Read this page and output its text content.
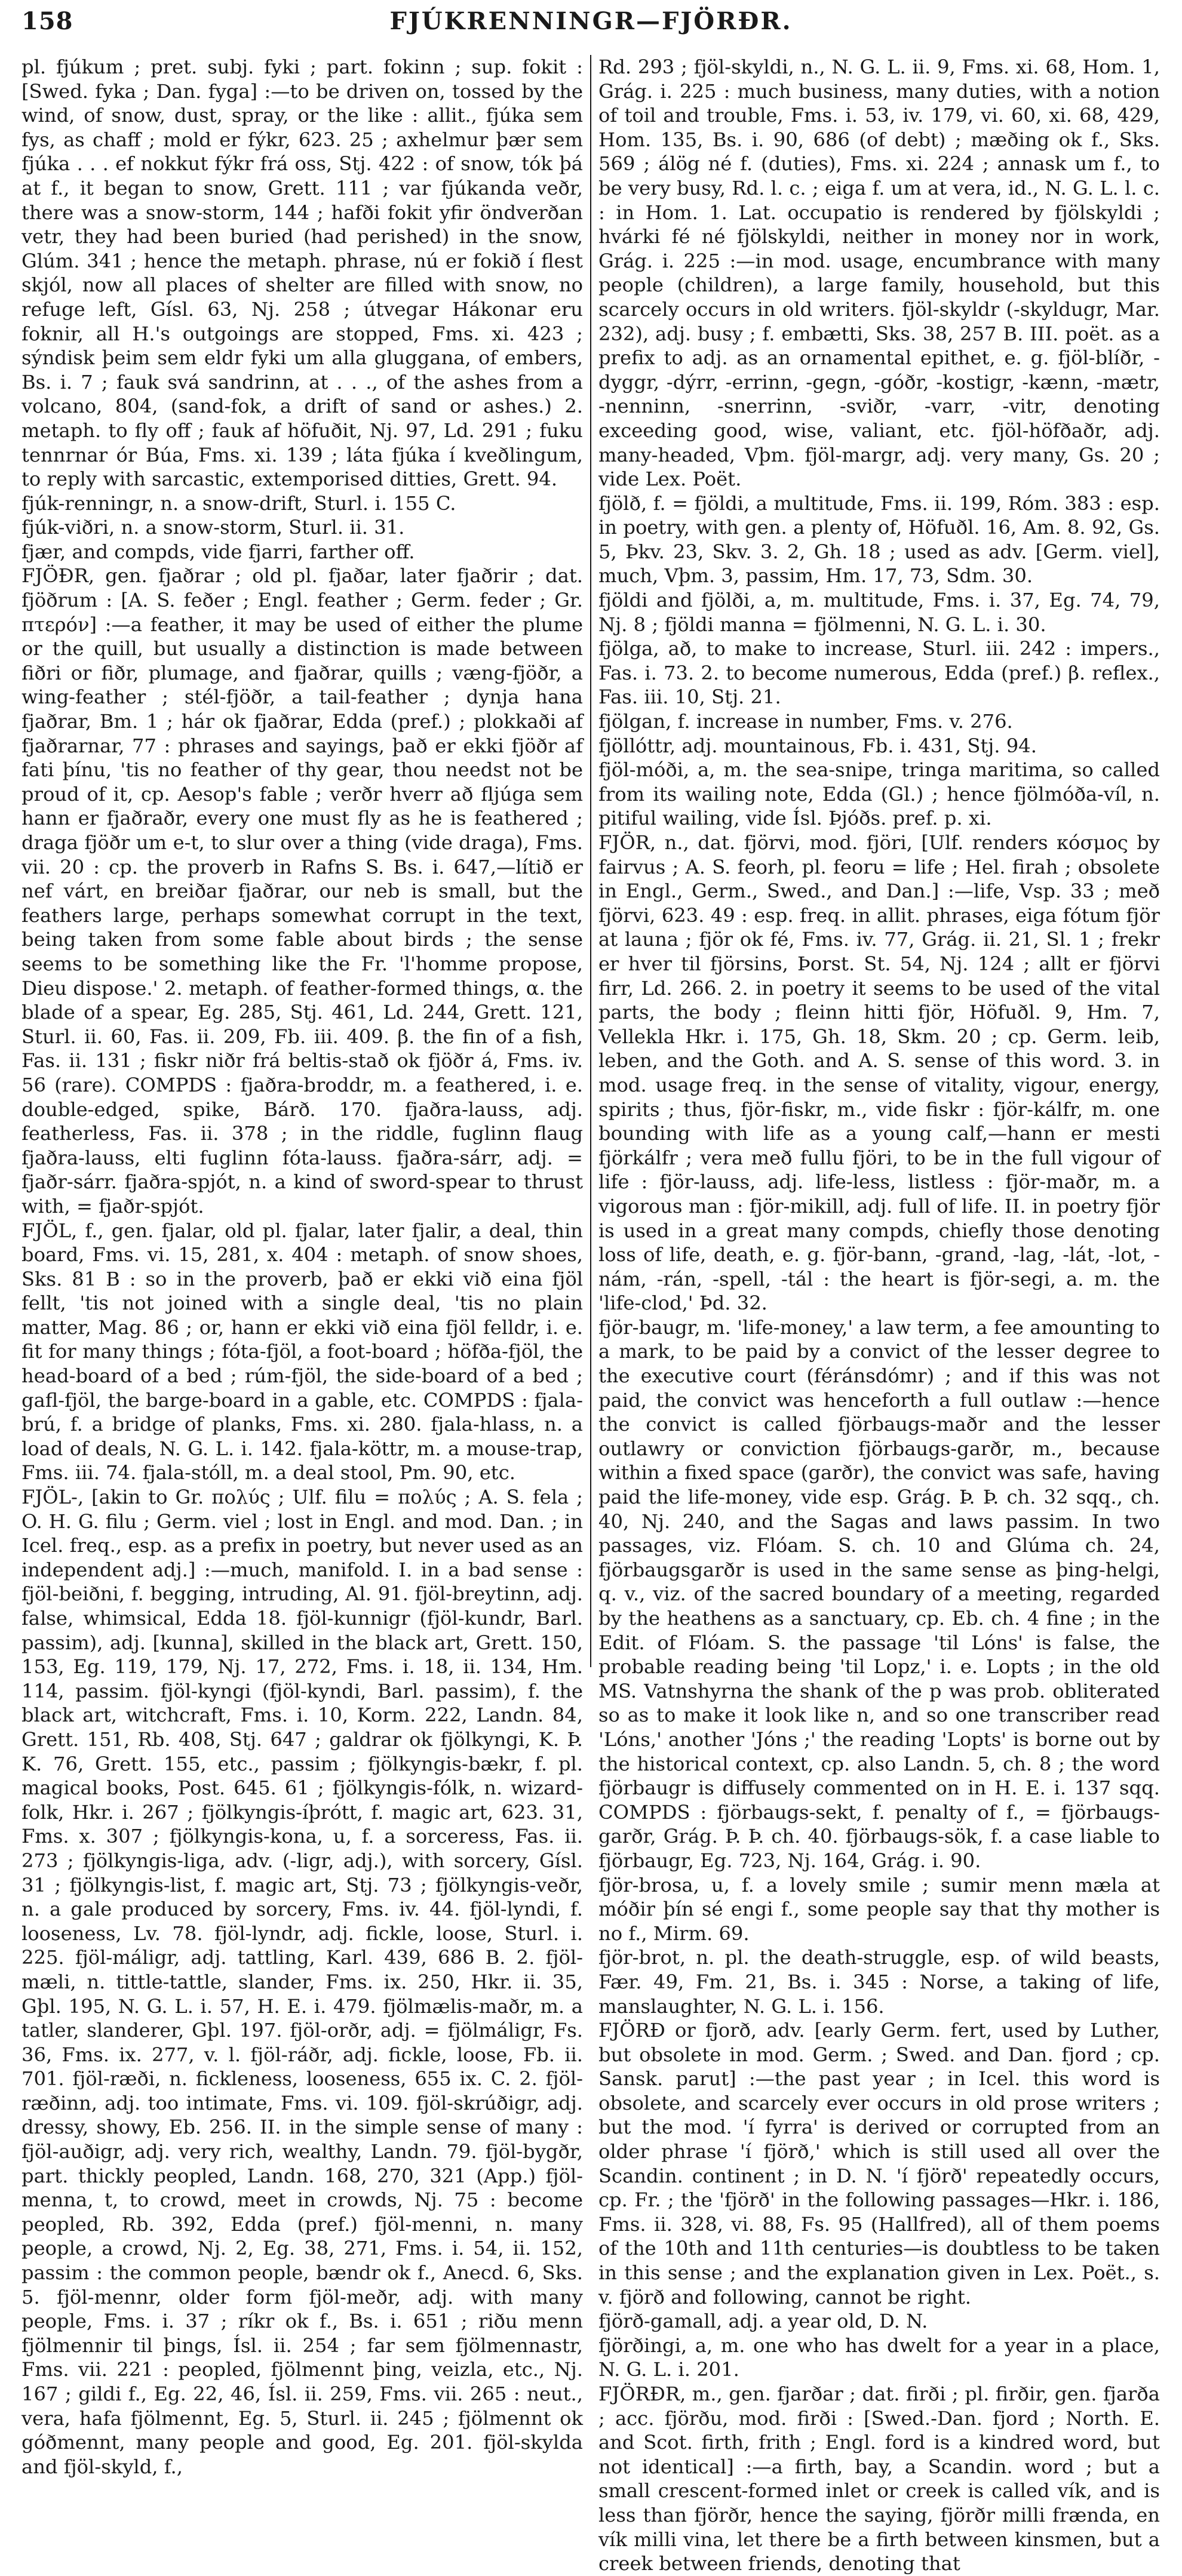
158	FJÚKRENNINGR—FJÖRÐR.

pl. fjúkum ; pret. subj. fyki ; part. fokinn ; sup. fokit : [Swed. fyka ; Dan. fyga] :—to be driven on, tossed by the wind, of snow, dust, spray, or the like : allit., fjúka sem fys, as chaff ; mold er fýkr, 623. 25 ; axhelmur þær sem fjúka . . . ef nokkut fýkr frá oss, Stj. 422 : of snow, tók þá at f., it began to snow, Grett. 111 ; var fjúkanda veðr, there was a snow-storm, 144 ; hafði fokit yfir öndverðan vetr, they had been buried (had perished) in the snow, Glúm. 341 ; hence the metaph. phrase, nú er fokið í flest skjól, now all places of shelter are filled with snow, no refuge left, Gísl. 63, Nj. 258 ; útvegar Hákonar eru foknir, all H.'s outgoings are stopped, Fms. xi. 423 ; sýndisk þeim sem eldr fyki um alla gluggana, of embers, Bs. i. 7 ; fauk svá sandrinn, at . . ., of the ashes from a volcano, 804, (sand-fok, a drift of sand or ashes.) 2. metaph. to fly off ; fauk af höfuðit, Nj. 97, Ld. 291 ; fuku tennrnar ór Búa, Fms. xi. 139 ; láta fjúka í kveðlingum, to reply with sarcastic, extemporised ditties, Grett. 94.

fjúk-renningr, n. a snow-drift, Sturl. i. 155 C.

fjúk-viðri, n. a snow-storm, Sturl. ii. 31.

fjær, and compds, vide fjarri, farther off.

FJÖÐR, gen. fjaðrar ; old pl. fjaðar, later fjaðrir ; dat. fjöðrum : [A. S. feðer ; Engl. feather ; Germ. feder ; Gr. πτερόν] :—a feather, it may be used of either the plume or the quill, but usually a distinction is made between fiðri or fiðr, plumage, and fjaðrar, quills ; væng-fjöðr, a wing-feather ; stél-fjöðr, a tail-feather ; dynja hana fjaðrar, Bm. 1 ; hár ok fjaðrar, Edda (pref.) ; plokkaði af fjaðrarnar, 77 : phrases and sayings, það er ekki fjöðr af fati þínu, 'tis no feather of thy gear, thou needst not be proud of it, cp. Aesop's fable ; verðr hverr að fljúga sem hann er fjaðraðr, every one must fly as he is feathered ; draga fjöðr um e-t, to slur over a thing (vide draga), Fms. vii. 20 : cp. the proverb in Rafns S. Bs. i. 647,—lítið er nef várt, en breiðar fjaðrar, our neb is small, but the feathers large, perhaps somewhat corrupt in the text, being taken from some fable about birds ; the sense seems to be something like the Fr. 'l'homme propose, Dieu dispose.' 2. metaph. of feather-formed things, α. the blade of a spear, Eg. 285, Stj. 461, Ld. 244, Grett. 121, Sturl. ii. 60, Fas. ii. 209, Fb. iii. 409. β. the fin of a fish, Fas. ii. 131 ; fiskr niðr frá beltis-stað ok fjöðr á, Fms. iv. 56 (rare). COMPDS : fjaðra-broddr, m. a feathered, i. e. double-edged, spike, Bárð. 170. fjaðra-lauss, adj. featherless, Fas. ii. 378 ; in the riddle, fuglinn flaug fjaðra-lauss, elti fuglinn fóta-lauss. fjaðra-sárr, adj. = fjaðr-sárr. fjaðra-spjót, n. a kind of sword-spear to thrust with, = fjaðr-spjót.

FJÖL, f., gen. fjalar, old pl. fjalar, later fjalir, a deal, thin board, Fms. vi. 15, 281, x. 404 : metaph. of snow shoes, Sks. 81 B : so in the proverb, það er ekki við eina fjöl fellt, 'tis not joined with a single deal, 'tis no plain matter, Mag. 86 ; or, hann er ekki við eina fjöl felldr, i. e. fit for many things ; fóta-fjöl, a foot-board ; höfða-fjöl, the head-board of a bed ; rúm-fjöl, the side-board of a bed ; gafl-fjöl, the barge-board in a gable, etc. COMPDS : fjala-brú, f. a bridge of planks, Fms. xi. 280. fjala-hlass, n. a load of deals, N. G. L. i. 142. fjala-köttr, m. a mouse-trap, Fms. iii. 74. fjala-stóll, m. a deal stool, Pm. 90, etc.

FJÖL-, [akin to Gr. πολύς ; Ulf. filu = πολύς ; A. S. fela ; O. H. G. filu ; Germ. viel ; lost in Engl. and mod. Dan. ; in Icel. freq., esp. as a prefix in poetry, but never used as an independent adj.] :—much, manifold. I. in a bad sense : fjöl-beiðni, f. begging, intruding, Al. 91. fjöl-breytinn, adj. false, whimsical, Edda 18. fjöl-kunnigr (fjöl-kundr, Barl. passim), adj. [kunna], skilled in the black art, Grett. 150, 153, Eg. 119, 179, Nj. 17, 272, Fms. i. 18, ii. 134, Hm. 114, passim. fjöl-kyngi (fjöl-kyndi, Barl. passim), f. the black art, witchcraft, Fms. i. 10, Korm. 222, Landn. 84, Grett. 151, Rb. 408, Stj. 647 ; galdrar ok fjölkyngi, K. Þ. K. 76, Grett. 155, etc., passim ; fjölkyngis-bækr, f. pl. magical books, Post. 645. 61 ; fjölkyngis-fólk, n. wizard-folk, Hkr. i. 267 ; fjölkyngis-íþrótt, f. magic art, 623. 31, Fms. x. 307 ; fjölkyngis-kona, u, f. a sorceress, Fas. ii. 273 ; fjölkyngis-liga, adv. (-ligr, adj.), with sorcery, Gísl. 31 ; fjölkyngis-list, f. magic art, Stj. 73 ; fjölkyngis-veðr, n. a gale produced by sorcery, Fms. iv. 44. fjöl-lyndi, f. looseness, Lv. 78. fjöl-lyndr, adj. fickle, loose, Sturl. i. 225. fjöl-máligr, adj. tattling, Karl. 439, 686 B. 2. fjöl-mæli, n. tittle-tattle, slander, Fms. ix. 250, Hkr. ii. 35, Gþl. 195, N. G. L. i. 57, H. E. i. 479. fjölmælis-maðr, m. a tatler, slanderer, Gþl. 197. fjöl-orðr, adj. = fjölmáligr, Fs. 36, Fms. ix. 277, v. l. fjöl-ráðr, adj. fickle, loose, Fb. ii. 701. fjöl-ræði, n. fickleness, looseness, 655 ix. C. 2. fjöl-ræðinn, adj. too intimate, Fms. vi. 109. fjöl-skrúðigr, adj. dressy, showy, Eb. 256. II. in the simple sense of many : fjöl-auðigr, adj. very rich, wealthy, Landn. 79. fjöl-bygðr, part. thickly peopled, Landn. 168, 270, 321 (App.) fjöl-menna, t, to crowd, meet in crowds, Nj. 75 : become peopled, Rb. 392, Edda (pref.) fjöl-menni, n. many people, a crowd, Nj. 2, Eg. 38, 271, Fms. i. 54, ii. 152, passim : the common people, bændr ok f., Anecd. 6, Sks. 5. fjöl-mennr, older form fjöl-meðr, adj. with many people, Fms. i. 37 ; ríkr ok f., Bs. i. 651 ; riðu menn fjölmennir til þings, Ísl. ii. 254 ; far sem fjölmennastr, Fms. vii. 221 : peopled, fjölmennt þing, veizla, etc., Nj. 167 ; gildi f., Eg. 22, 46, Ísl. ii. 259, Fms. vii. 265 : neut., vera, hafa fjölmennt, Eg. 5, Sturl. ii. 245 ; fjölmennt ok góðmennt, many people and good, Eg. 201. fjöl-skylda and fjöl-skyld, f.,

Rd. 293 ; fjöl-skyldi, n., N. G. L. ii. 9, Fms. xi. 68, Hom. 1, Grág. i. 225 : much business, many duties, with a notion of toil and trouble, Fms. i. 53, iv. 179, vi. 60, xi. 68, 429, Hom. 135, Bs. i. 90, 686 (of debt) ; mæðing ok f., Sks. 569 ; álög né f. (duties), Fms. xi. 224 ; annask um f., to be very busy, Rd. l. c. ; eiga f. um at vera, id., N. G. L. l. c. : in Hom. 1. Lat. occupatio is rendered by fjölskyldi ; hvárki fé né fjölskyldi, neither in money nor in work, Grág. i. 225 :—in mod. usage, encumbrance with many people (children), a large family, household, but this scarcely occurs in old writers. fjöl-skyldr (-skyldugr, Mar. 232), adj. busy ; f. embætti, Sks. 38, 257 B. III. poët. as a prefix to adj. as an ornamental epithet, e. g. fjöl-blíðr, -dyggr, -dýrr, -errinn, -gegn, -góðr, -kostigr, -kænn, -mætr, -nenninn, -snerrinn, -sviðr, -varr, -vitr, denoting exceeding good, wise, valiant, etc. fjöl-höfðaðr, adj. many-headed, Vþm. fjöl-margr, adj. very many, Gs. 20 ; vide Lex. Poët.

fjölð, f. = fjöldi, a multitude, Fms. ii. 199, Róm. 383 : esp. in poetry, with gen. a plenty of, Höfuðl. 16, Am. 8. 92, Gs. 5, Þkv. 23, Skv. 3. 2, Gh. 18 ; used as adv. [Germ. viel], much, Vþm. 3, passim, Hm. 17, 73, Sdm. 30.

fjöldi and fjölði, a, m. multitude, Fms. i. 37, Eg. 74, 79, Nj. 8 ; fjöldi manna = fjölmenni, N. G. L. i. 30.

fjölga, að, to make to increase, Sturl. iii. 242 : impers., Fas. i. 73. 2. to become numerous, Edda (pref.) β. reflex., Fas. iii. 10, Stj. 21.

fjölgan, f. increase in number, Fms. v. 276.

fjöllóttr, adj. mountainous, Fb. i. 431, Stj. 94.

fjöl-móði, a, m. the sea-snipe, tringa maritima, so called from its wailing note, Edda (Gl.) ; hence fjölmóða-víl, n. pitiful wailing, vide Ísl. Þjóðs. pref. p. xi.

FJÖR, n., dat. fjörvi, mod. fjöri, [Ulf. renders κόσμος by fairvus ; A. S. feorh, pl. feoru = life ; Hel. firah ; obsolete in Engl., Germ., Swed., and Dan.] :—life, Vsp. 33 ; með fjörvi, 623. 49 : esp. freq. in allit. phrases, eiga fótum fjör at launa ; fjör ok fé, Fms. iv. 77, Grág. ii. 21, Sl. 1 ; frekr er hver til fjörsins, Þorst. St. 54, Nj. 124 ; allt er fjörvi firr, Ld. 266. 2. in poetry it seems to be used of the vital parts, the body ; fleinn hitti fjör, Höfuðl. 9, Hm. 7, Vellekla Hkr. i. 175, Gh. 18, Skm. 20 ; cp. Germ. leib, leben, and the Goth. and A. S. sense of this word. 3. in mod. usage freq. in the sense of vitality, vigour, energy, spirits ; thus, fjör-fiskr, m., vide fiskr : fjör-kálfr, m. one bounding with life as a young calf,—hann er mesti fjörkálfr ; vera með fullu fjöri, to be in the full vigour of life : fjör-lauss, adj. life-less, listless : fjör-maðr, m. a vigorous man : fjör-mikill, adj. full of life. II. in poetry fjör is used in a great many compds, chiefly those denoting loss of life, death, e. g. fjör-bann, -grand, -lag, -lát, -lot, -nám, -rán, -spell, -tál : the heart is fjör-segi, a. m. the 'life-clod,' Þd. 32.

fjör-baugr, m. 'life-money,' a law term, a fee amounting to a mark, to be paid by a convict of the lesser degree to the executive court (féránsdómr) ; and if this was not paid, the convict was henceforth a full outlaw :—hence the convict is called fjörbaugs-maðr and the lesser outlawry or conviction fjörbaugs-garðr, m., because within a fixed space (garðr), the convict was safe, having paid the life-money, vide esp. Grág. Þ. Þ. ch. 32 sqq., ch. 40, Nj. 240, and the Sagas and laws passim. In two passages, viz. Flóam. S. ch. 10 and Glúma ch. 24, fjörbaugsgarðr is used in the same sense as þing-helgi, q. v., viz. of the sacred boundary of a meeting, regarded by the heathens as a sanctuary, cp. Eb. ch. 4 fine ; in the Edit. of Flóam. S. the passage 'til Lóns' is false, the probable reading being 'til Lopz,' i. e. Lopts ; in the old MS. Vatnshyrna the shank of the p was prob. obliterated so as to make it look like n, and so one transcriber read 'Lóns,' another 'Jóns ;' the reading 'Lopts' is borne out by the historical context, cp. also Landn. 5, ch. 8 ; the word fjörbaugr is diffusely commented on in H. E. i. 137 sqq. COMPDS : fjörbaugs-sekt, f. penalty of f., = fjörbaugs-garðr, Grág. Þ. Þ. ch. 40. fjörbaugs-sök, f. a case liable to fjörbaugr, Eg. 723, Nj. 164, Grág. i. 90.

fjör-brosa, u, f. a lovely smile ; sumir menn mæla at móðir þín sé engi f., some people say that thy mother is no f., Mirm. 69.

fjör-brot, n. pl. the death-struggle, esp. of wild beasts, Fær. 49, Fm. 21, Bs. i. 345 : Norse, a taking of life, manslaughter, N. G. L. i. 156.

FJÖRÐ or fjorð, adv. [early Germ. fert, used by Luther, but obsolete in mod. Germ. ; Swed. and Dan. fjord ; cp. Sansk. parut] :—the past year ; in Icel. this word is obsolete, and scarcely ever occurs in old prose writers ; but the mod. 'í fyrra' is derived or corrupted from an older phrase 'í fjörð,' which is still used all over the Scandin. continent ; in D. N. 'í fjörð' repeatedly occurs, cp. Fr. ; the 'fjörð' in the following passages—Hkr. i. 186, Fms. ii. 328, vi. 88, Fs. 95 (Hallfred), all of them poems of the 10th and 11th centuries—is doubtless to be taken in this sense ; and the explanation given in Lex. Poët., s. v. fjörð and following, cannot be right.

fjörð-gamall, adj. a year old, D. N.

fjörðingi, a, m. one who has dwelt for a year in a place, N. G. L. i. 201.

FJÖRÐR, m., gen. fjarðar ; dat. firði ; pl. firðir, gen. fjarða ; acc. fjörðu, mod. firði : [Swed.-Dan. fjord ; North. E. and Scot. firth, frith ; Engl. ford is a kindred word, but not identical] :—a firth, bay, a Scandin. word ; but a small crescent-formed inlet or creek is called vík, and is less than fjörðr, hence the saying, fjörðr milli frænda, en vík milli vina, let there be a firth between kinsmen, but a creek between friends, denoting that
